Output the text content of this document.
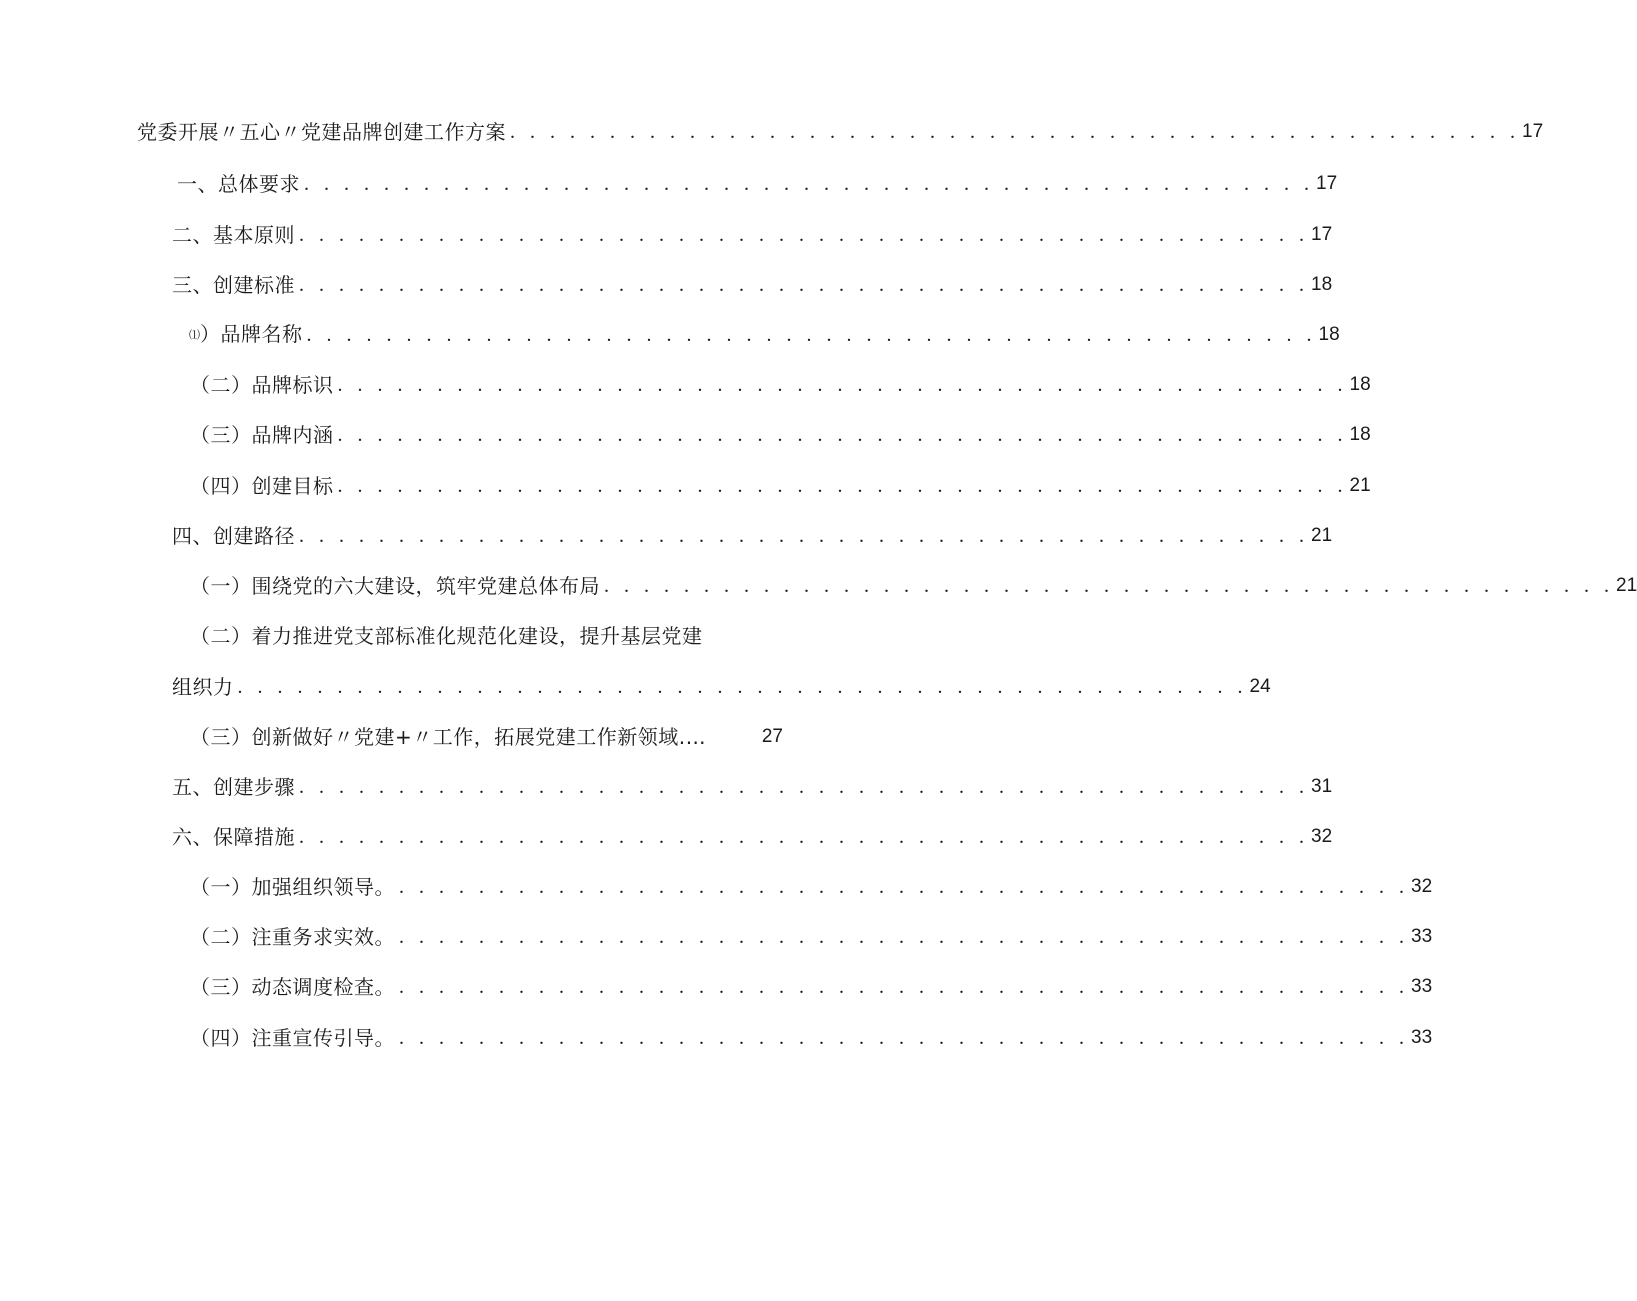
党委开展〃五心〃党建品牌创建工作方案 . . . . . . . . . . . . . . . . . . . . . . . . . . . . . . . . . . . . . . . . . . . . . . . . . . . 17
一、总体要求 . . . . . . . . . . . . . . . . . . . . . . . . . . . . . . . . . . . . . . . . . . . . . . . . . . . 17
二、基本原则 . . . . . . . . . . . . . . . . . . . . . . . . . . . . . . . . . . . . . . . . . . . . . . . . . . . 17
三、创建标准 . . . . . . . . . . . . . . . . . . . . . . . . . . . . . . . . . . . . . . . . . . . . . . . . . . . 18
⑴）品牌名称 . . . . . . . . . . . . . . . . . . . . . . . . . . . . . . . . . . . . . . . . . . . . . . . . . . . 18
（二）品牌标识 . . . . . . . . . . . . . . . . . . . . . . . . . . . . . . . . . . . . . . . . . . . . . . . . . . . 18
（三）品牌内涵 . . . . . . . . . . . . . . . . . . . . . . . . . . . . . . . . . . . . . . . . . . . . . . . . . . . 18
（四）创建目标 . . . . . . . . . . . . . . . . . . . . . . . . . . . . . . . . . . . . . . . . . . . . . . . . . . . 21
四、创建路径 . . . . . . . . . . . . . . . . . . . . . . . . . . . . . . . . . . . . . . . . . . . . . . . . . . . 21
（一）围绕党的六大建设，筑牢党建总体布局 . . . . . . . . . . . . . . . . . . . . . . . . . . . . . . . . . . . . . . . . . . . . . . . . . . . 21
（二）着力推进党支部标准化规范化建设，提升基层党建
组织力 . . . . . . . . . . . . . . . . . . . . . . . . . . . . . . . . . . . . . . . . . . . . . . . . . . . 24
（三）创新做好〃党建+〃工作，拓展党建工作新领域.…	27
五、创建步骤 . . . . . . . . . . . . . . . . . . . . . . . . . . . . . . . . . . . . . . . . . . . . . . . . . . . 31
六、保障措施 . . . . . . . . . . . . . . . . . . . . . . . . . . . . . . . . . . . . . . . . . . . . . . . . . . . 32
（一）加强组织领导。 . . . . . . . . . . . . . . . . . . . . . . . . . . . . . . . . . . . . . . . . . . . . . . . . . . . 32
（二）注重务求实效。 . . . . . . . . . . . . . . . . . . . . . . . . . . . . . . . . . . . . . . . . . . . . . . . . . . . 33
（三）动态调度检查。 . . . . . . . . . . . . . . . . . . . . . . . . . . . . . . . . . . . . . . . . . . . . . . . . . . . 33
（四）注重宣传引导。 . . . . . . . . . . . . . . . . . . . . . . . . . . . . . . . . . . . . . . . . . . . . . . . . . . . 33
